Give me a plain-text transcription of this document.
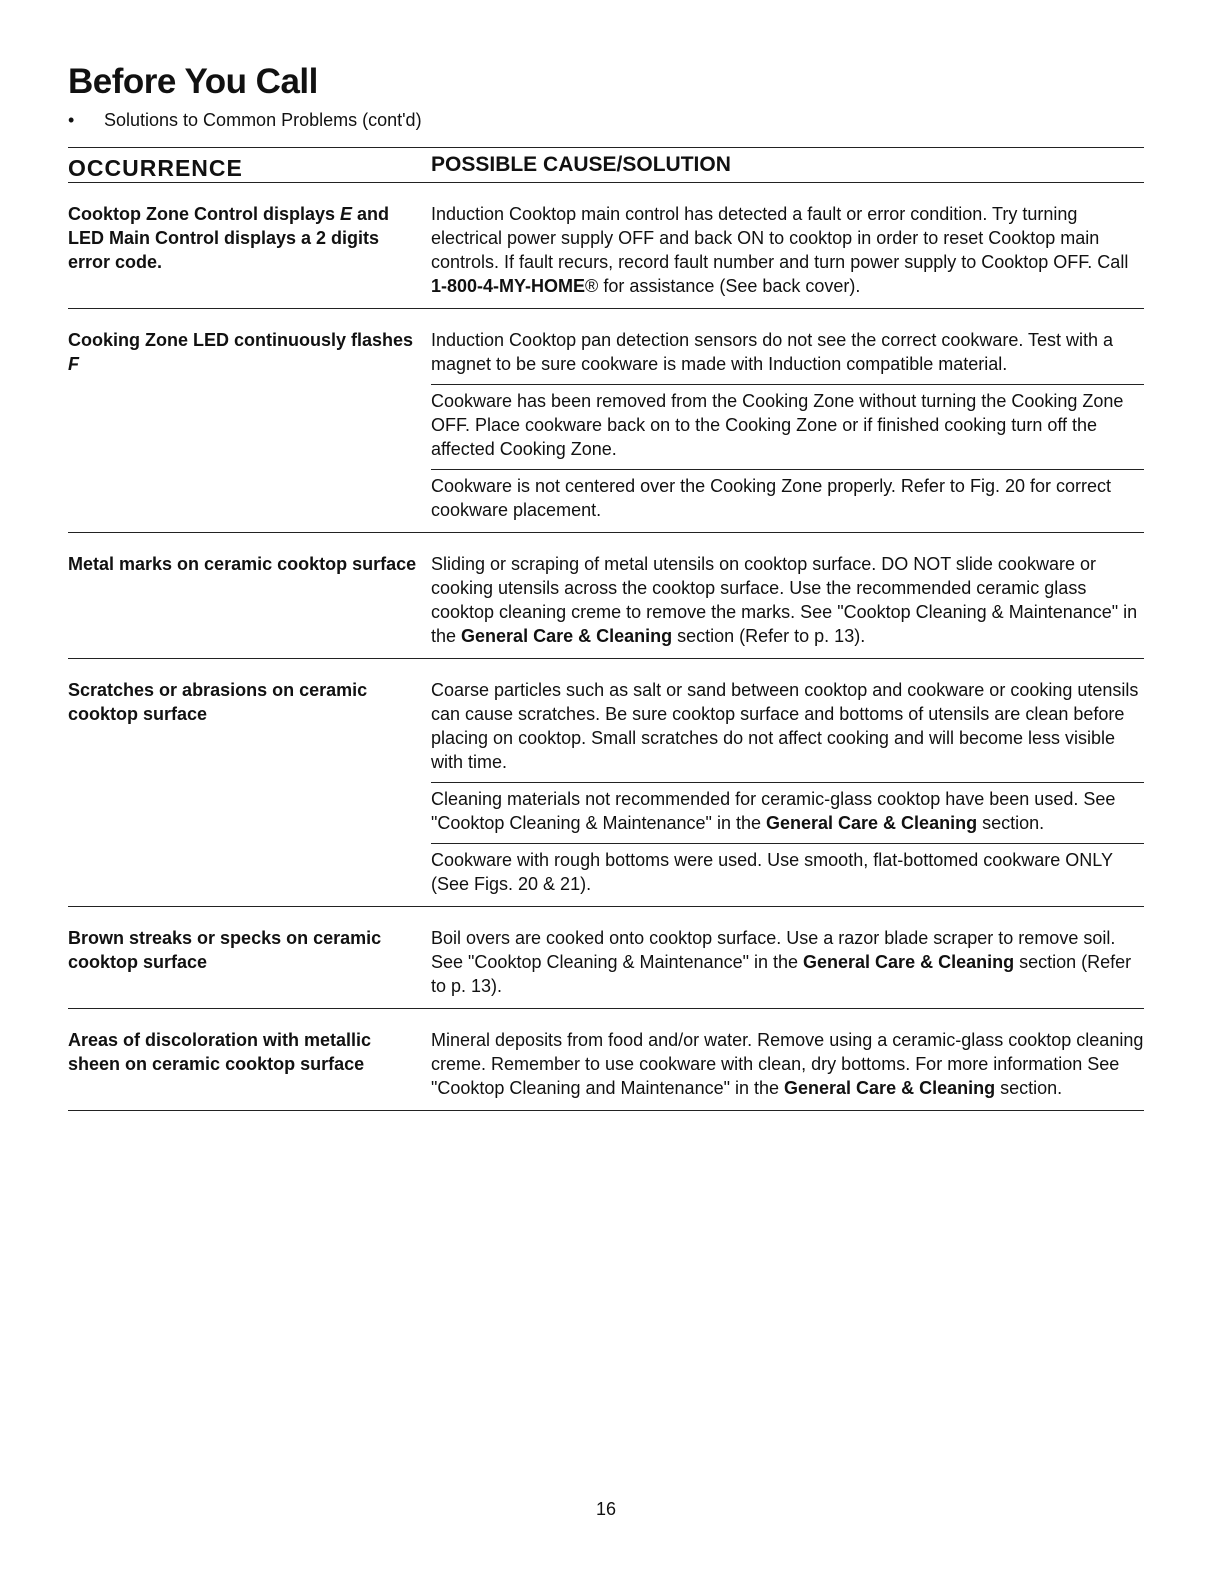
Before You Call
• Solutions to Common Problems (cont'd)
OCCURRENCE	POSSIBLE CAUSE/SOLUTION
Cooktop Zone Control displays E and LED Main Control displays a 2 digits error code.
Induction Cooktop main control has detected a fault or error condition. Try turning electrical power supply OFF and back ON to cooktop in order to reset Cooktop main controls. If fault recurs, record fault number and turn power supply to Cooktop OFF. Call 1-800-4-MY-HOME® for assistance (See back cover).
Cooking Zone LED continuously flashes F
Induction Cooktop pan detection sensors do not see the correct cookware. Test with a magnet to be sure cookware is made with Induction compatible material.
Cookware has been removed from the Cooking Zone without turning the Cooking Zone OFF. Place cookware back on to the Cooking Zone or if finished cooking turn off the affected Cooking Zone.
Cookware is not centered over the Cooking Zone properly. Refer to Fig. 20 for correct cookware placement.
Metal marks on ceramic cooktop surface Sliding or scraping of metal utensils on cooktop surface. DO NOT slide cookware or cooking utensils across the cooktop surface. Use the recommended ceramic glass cooktop cleaning creme to remove the marks. See "Cooktop Cleaning & Maintenance" in the General Care & Cleaning section (Refer to p. 13).
Scratches or abrasions on ceramic cooktop surface
Coarse particles such as salt or sand between cooktop and cookware or cooking utensils can cause scratches. Be sure cooktop surface and bottoms of utensils are clean before placing on cooktop. Small scratches do not affect cooking and will become less visible with time.
Cleaning materials not recommended for ceramic-glass cooktop have been used. See "Cooktop Cleaning & Maintenance" in the General Care & Cleaning section.
Cookware with rough bottoms were used. Use smooth, flat-bottomed cookware ONLY (See Figs. 20 & 21).
Brown streaks or specks on ceramic cooktop surface
Boil overs are cooked onto cooktop surface. Use a razor blade scraper to remove soil. See "Cooktop Cleaning & Maintenance" in the General Care & Cleaning section (Refer to p. 13).
Areas of discoloration with metallic sheen on ceramic cooktop surface
Mineral deposits from food and/or water. Remove using a ceramic-glass cooktop cleaning creme. Remember to use cookware with clean, dry bottoms. For more information See "Cooktop Cleaning and Maintenance" in the General Care & Cleaning section.
16
